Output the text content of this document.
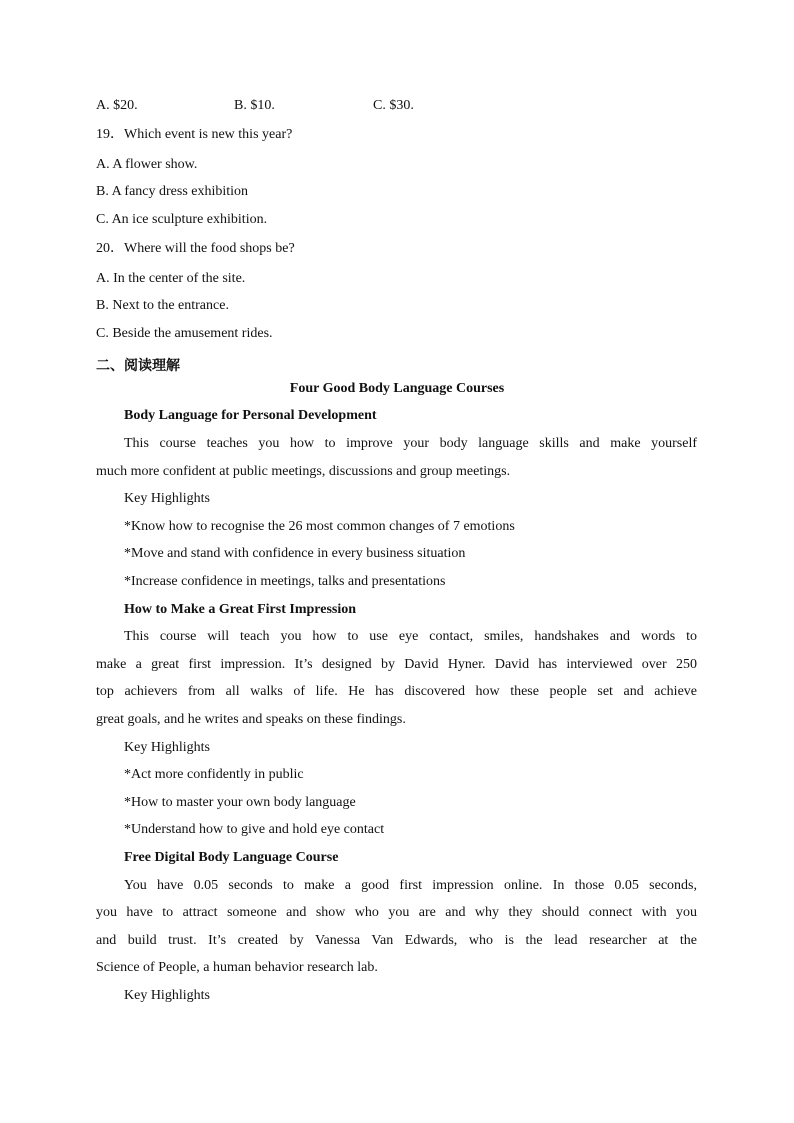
A. $20.	B. $10.	C. $30.
19．Which event is new this year?
A. A flower show.
B. A fancy dress exhibition
C. An ice sculpture exhibition.
20．Where will the food shops be?
A. In the center of the site.
B. Next to the entrance.
C. Beside the amusement rides.
二、阅读理解
Four Good Body Language Courses
Body Language for Personal Development
This course teaches you how to improve your body language skills and make yourself
much more confident at public meetings, discussions and group meetings.
Key Highlights
*Know how to recognise the 26 most common changes of 7 emotions
*Move and stand with confidence in every business situation
*Increase confidence in meetings, talks and presentations
How to Make a Great First Impression
This course will teach you how to use eye contact, smiles, handshakes and words to
make a great first impression. It’s designed by David Hyner. David has interviewed over 250
top achievers from all walks of life. He has discovered how these people set and achieve
great goals, and he writes and speaks on these findings.
Key Highlights
*Act more confidently in public
*How to master your own body language
*Understand how to give and hold eye contact
Free Digital Body Language Course
You have 0.05 seconds to make a good first impression online. In those 0.05 seconds,
you have to attract someone and show who you are and why they should connect with you
and build trust. It’s created by Vanessa Van Edwards, who is the lead researcher at the
Science of People, a human behavior research lab.
Key Highlights
